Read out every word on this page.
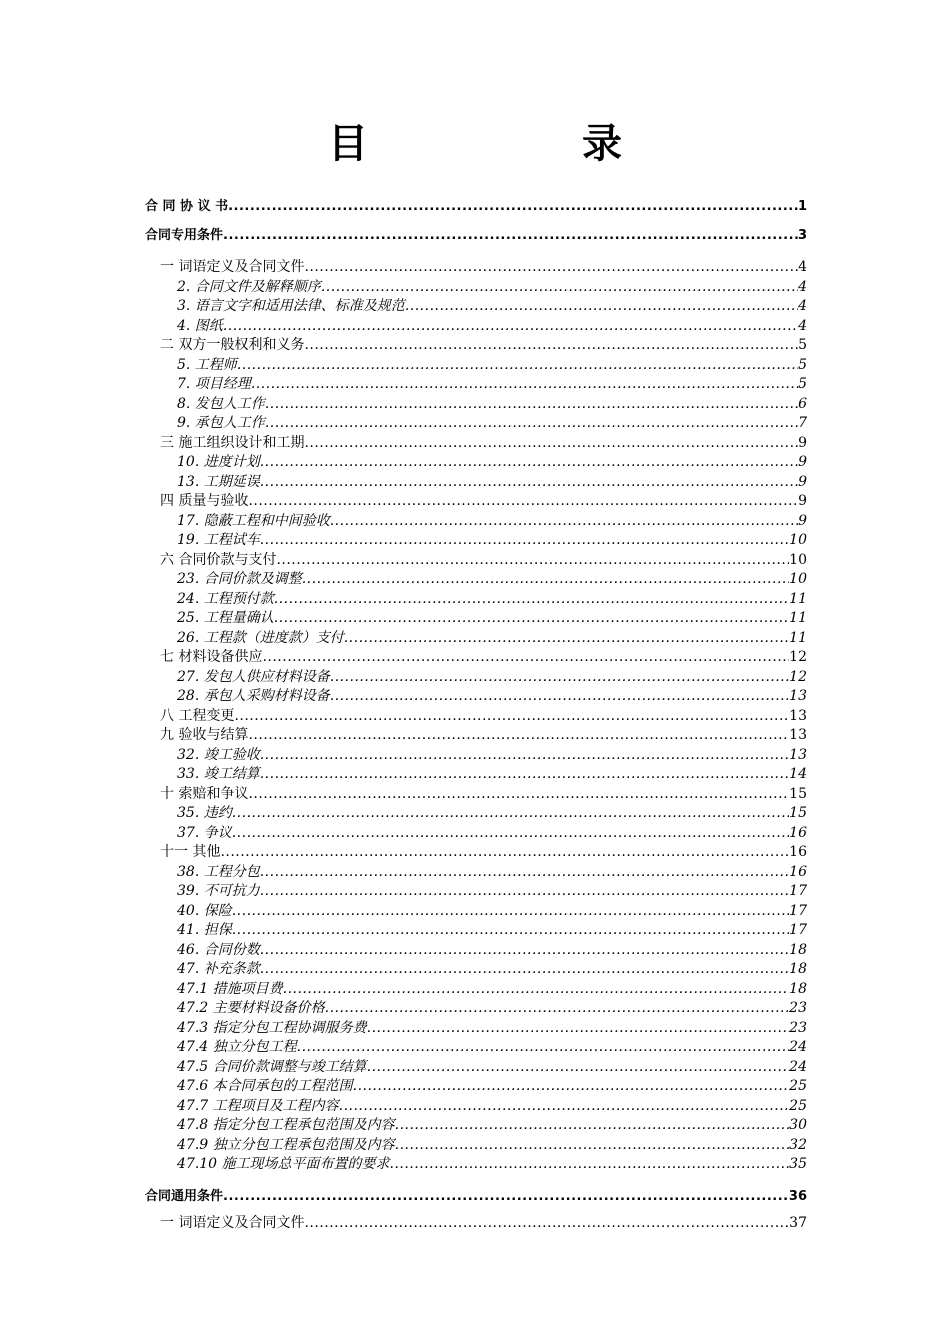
目 录
合 同 协 议 书 .....	1
合同专用条件 .....	3
一 词语定义及合同文件 .....	4
2. 合同文件及解释顺序 .....	4
3. 语言文字和适用法律、标准及规范 .....	4
4. 图纸 .....	4
二 双方一般权利和义务 .....	5
5. 工程师 .....	5
7. 项目经理 .....	5
8. 发包人工作 .....	6
9. 承包人工作 .....	7
三 施工组织设计和工期 .....	9
10. 进度计划 .....	9
13. 工期延误 .....	9
四 质量与验收 .....	9
17. 隐蔽工程和中间验收 .....	9
19. 工程试车 .....	10
六 合同价款与支付 .....	10
23. 合同价款及调整 .....	10
24. 工程预付款 .....	11
25. 工程量确认 .....	11
26. 工程款（进度款）支付 .....	11
七 材料设备供应 .....	12
27. 发包人供应材料设备 .....	12
28. 承包人采购材料设备 .....	13
八 工程变更 .....	13
九 验收与结算 .....	13
32. 竣工验收 .....	13
33. 竣工结算 .....	14
十 索赔和争议 .....	15
35. 违约 .....	15
37. 争议 .....	16
十一 其他 .....	16
38. 工程分包 .....	16
39. 不可抗力 .....	17
40. 保险 .....	17
41. 担保 .....	17
46. 合同份数 .....	18
47. 补充条款 .....	18
47.1 措施项目费 .....	18
47.2 主要材料设备价格 .....	23
47.3 指定分包工程协调服务费 .....	23
47.4 独立分包工程 .....	24
47.5 合同价款调整与竣工结算 .....	24
47.6 本合同承包的工程范围 .....	25
47.7 工程项目及工程内容 .....	25
47.8 指定分包工程承包范围及内容 .....	30
47.9 独立分包工程承包范围及内容 .....	32
47.10 施工现场总平面布置的要求 .....	35
合同通用条件 .....	36
一 词语定义及合同文件 .....	37
